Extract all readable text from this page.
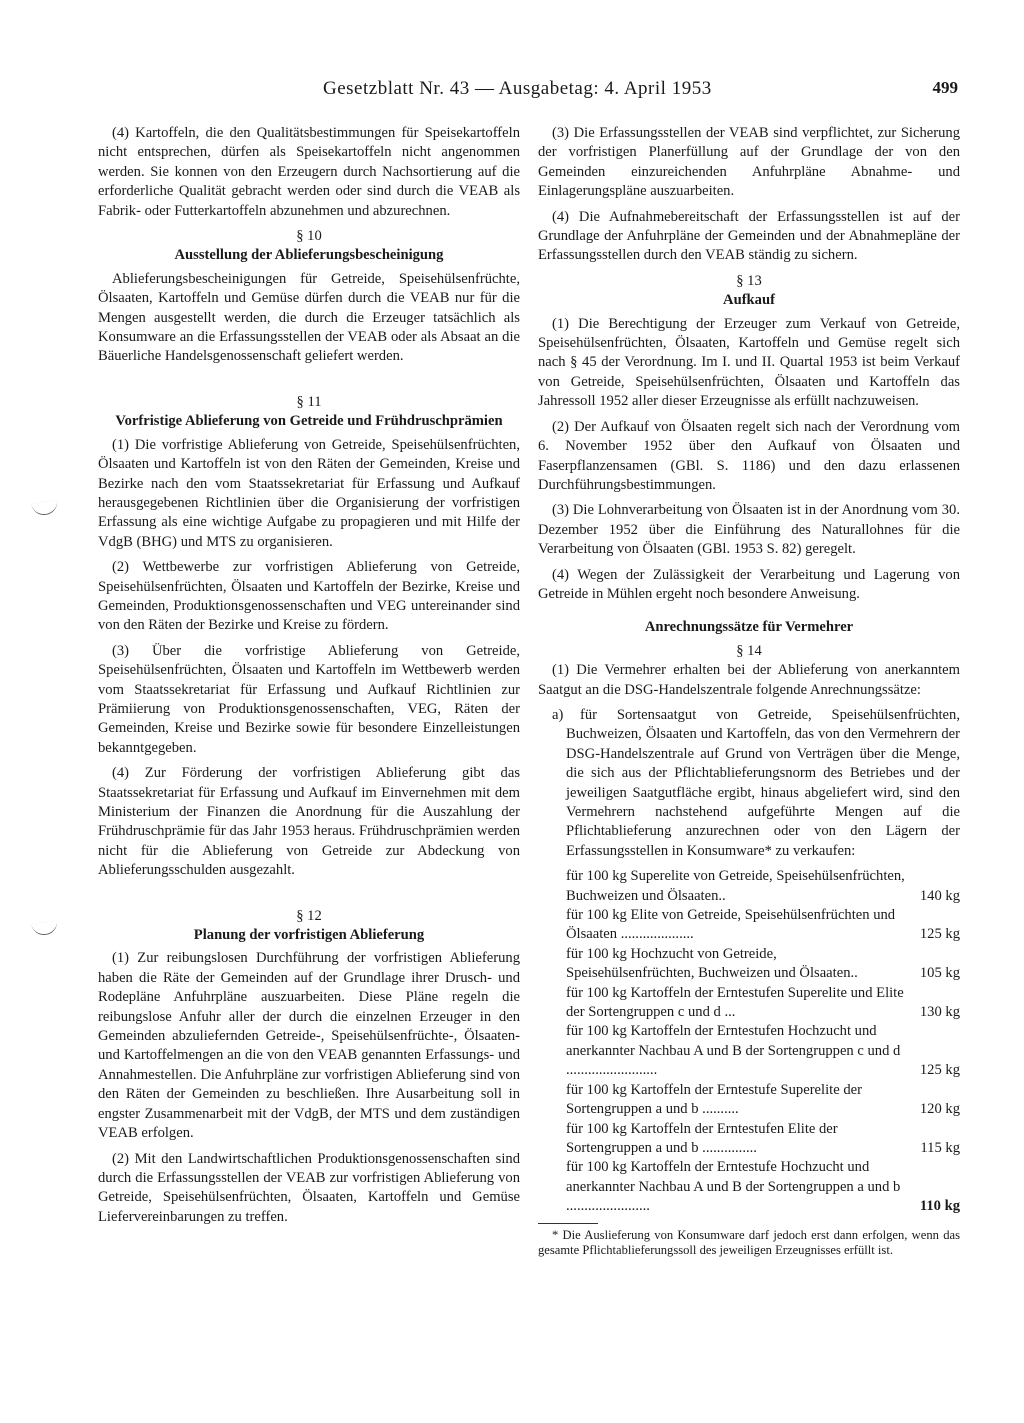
Gesetzblatt Nr. 43 — Ausgabetag: 4. April 1953	499

(4) Kartoffeln, die den Qualitätsbestimmungen für Speisekartoffeln nicht entsprechen, dürfen als Speisekartoffeln nicht angenommen werden. Sie konnen von den Erzeugern durch Nachsortierung auf die erforderliche Qualität gebracht werden oder sind durch die VEAB als Fabrik- oder Futterkartoffeln abzunehmen und abzurechnen.

§ 10
Ausstellung der Ablieferungsbescheinigung

Ablieferungsbescheinigungen für Getreide, Speisehülsenfrüchte, Ölsaaten, Kartoffeln und Gemüse dürfen durch die VEAB nur für die Mengen ausgestellt werden, die durch die Erzeuger tatsächlich als Konsumware an die Erfassungsstellen der VEAB oder als Absaat an die Bäuerliche Handelsgenossenschaft geliefert werden.

§ 11
Vorfristige Ablieferung von Getreide und Frühdruschprämien

(1) Die vorfristige Ablieferung von Getreide, Speisehülsenfrüchten, Ölsaaten und Kartoffeln ist von den Räten der Gemeinden, Kreise und Bezirke nach den vom Staatssekretariat für Erfassung und Aufkauf herausgegebenen Richtlinien über die Organisierung der vorfristigen Erfassung als eine wichtige Aufgabe zu propagieren und mit Hilfe der VdgB (BHG) und MTS zu organisieren.

(2) Wettbewerbe zur vorfristigen Ablieferung von Getreide, Speisehülsenfrüchten, Ölsaaten und Kartoffeln der Bezirke, Kreise und Gemeinden, Produktionsgenossenschaften und VEG untereinander sind von den Räten der Bezirke und Kreise zu fördern.

(3) Über die vorfristige Ablieferung von Getreide, Speisehülsenfrüchten, Ölsaaten und Kartoffeln im Wettbewerb werden vom Staatssekretariat für Erfassung und Aufkauf Richtlinien zur Prämiierung von Produktionsgenossenschaften, VEG, Räten der Gemeinden, Kreise und Bezirke sowie für besondere Einzelleistungen bekanntgegeben.

(4) Zur Förderung der vorfristigen Ablieferung gibt das Staatssekretariat für Erfassung und Aufkauf im Einvernehmen mit dem Ministerium der Finanzen die Anordnung für die Auszahlung der Frühdruschprämie für das Jahr 1953 heraus. Frühdruschprämien werden nicht für die Ablieferung von Getreide zur Abdeckung von Ablieferungsschulden ausgezahlt.

§ 12
Planung der vorfristigen Ablieferung

(1) Zur reibungslosen Durchführung der vorfristigen Ablieferung haben die Räte der Gemeinden auf der Grundlage ihrer Drusch- und Rodepläne Anfuhrpläne auszuarbeiten. Diese Pläne regeln die reibungslose Anfuhr aller der durch die einzelnen Erzeuger in den Gemeinden abzuliefernden Getreide-, Speisehülsenfrüchte-, Ölsaaten- und Kartoffelmengen an die von den VEAB genannten Erfassungs- und Annahmestellen. Die Anfuhrpläne zur vorfristigen Ablieferung sind von den Räten der Gemeinden zu beschließen. Ihre Ausarbeitung soll in engster Zusammenarbeit mit der VdgB, der MTS und dem zuständigen VEAB erfolgen.

(2) Mit den Landwirtschaftlichen Produktionsgenossenschaften sind durch die Erfassungsstellen der VEAB zur vorfristigen Ablieferung von Getreide, Speisehülsenfrüchten, Ölsaaten, Kartoffeln und Gemüse Liefervereinbarungen zu treffen.

(3) Die Erfassungsstellen der VEAB sind verpflichtet, zur Sicherung der vorfristigen Planerfüllung auf der Grundlage der von den Gemeinden einzureichenden Anfuhrpläne Abnahme- und Einlagerungspläne auszuarbeiten.

(4) Die Aufnahmebereitschaft der Erfassungsstellen ist auf der Grundlage der Anfuhrpläne der Gemeinden und der Abnahmepläne der Erfassungsstellen durch den VEAB ständig zu sichern.

§ 13
Aufkauf

(1) Die Berechtigung der Erzeuger zum Verkauf von Getreide, Speisehülsenfrüchten, Ölsaaten, Kartoffeln und Gemüse regelt sich nach § 45 der Verordnung. Im I. und II. Quartal 1953 ist beim Verkauf von Getreide, Speisehülsenfrüchten, Ölsaaten und Kartoffeln das Jahressoll 1952 aller dieser Erzeugnisse als erfüllt nachzuweisen.

(2) Der Aufkauf von Ölsaaten regelt sich nach der Verordnung vom 6. November 1952 über den Aufkauf von Ölsaaten und Faserpflanzensamen (GBl. S. 1186) und den dazu erlassenen Durchführungsbestimmungen.

(3) Die Lohnverarbeitung von Ölsaaten ist in der Anordnung vom 30. Dezember 1952 über die Einführung des Naturallohnes für die Verarbeitung von Ölsaaten (GBl. 1953 S. 82) geregelt.

(4) Wegen der Zulässigkeit der Verarbeitung und Lagerung von Getreide in Mühlen ergeht noch besondere Anweisung.

Anrechnungssätze für Vermehrer
§ 14

(1) Die Vermehrer erhalten bei der Ablieferung von anerkanntem Saatgut an die DSG-Handelszentrale folgende Anrechnungssätze:

a) für Sortensaatgut von Getreide, Speisehülsenfrüchten, Buchweizen, Ölsaaten und Kartoffeln, das von den Vermehrern der DSG-Handelszentrale auf Grund von Verträgen über die Menge, die sich aus der Pflichtablieferungsnorm des Betriebes und der jeweiligen Saatgutfläche ergibt, hinaus abgeliefert wird, sind den Vermehrern nachstehend aufgeführte Mengen auf die Pflichtablieferung anzurechnen oder von den Lägern der Erfassungsstellen in Konsumware* zu verkaufen:

für 100 kg Superelite von Getreide, Speisehülsenfrüchten, Buchweizen und Ölsaaten..	140 kg
für 100 kg Elite von Getreide, Speisehülsenfrüchten und Ölsaaten ....................	125 kg
für 100 kg Hochzucht von Getreide, Speisehülsenfrüchten, Buchweizen und Ölsaaten..	105 kg
für 100 kg Kartoffeln der Erntestufen Superelite und Elite der Sortengruppen c und d ...	130 kg
für 100 kg Kartoffeln der Erntestufen Hochzucht und anerkannter Nachbau A und B der Sortengruppen c und d .........................	125 kg
für 100 kg Kartoffeln der Erntestufe Superelite der Sortengruppen a und b ..........	120 kg
für 100 kg Kartoffeln der Erntestufen Elite der Sortengruppen a und b ...............	115 kg
für 100 kg Kartoffeln der Erntestufe Hochzucht und anerkannter Nachbau A und B der Sortengruppen a und b .......................	110 kg

* Die Auslieferung von Konsumware darf jedoch erst dann erfolgen, wenn das gesamte Pflichtablieferungssoll des jeweiligen Erzeugnisses erfüllt ist.
